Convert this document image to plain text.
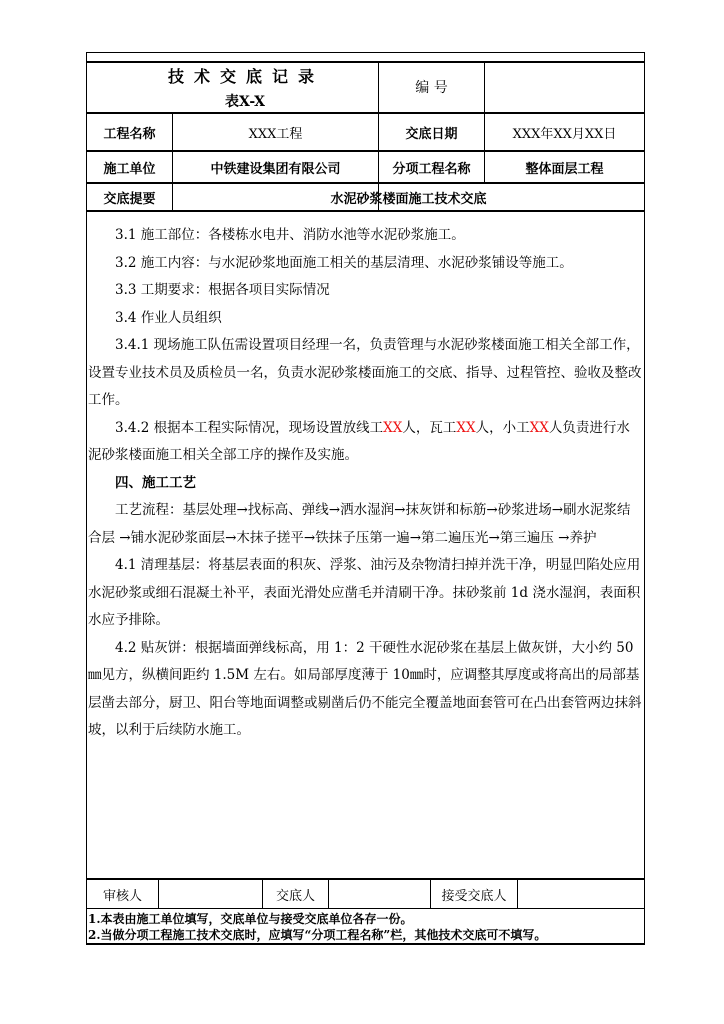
技术交底记录
表X-X
编 号
工程名称	XXX工程	交底日期	XXX年XX月XX日
施工单位	中铁建设集团有限公司	分项工程名称	整体面层工程
交底提要	水泥砂浆楼面施工技术交底

3.1 施工部位：各楼栋水电井、消防水池等水泥砂浆施工。

3.2 施工内容：与水泥砂浆地面施工相关的基层清理、水泥砂浆铺设等施工。

3.3 工期要求：根据各项目实际情况

3.4 作业人员组织

3.4.1 现场施工队伍需设置项目经理一名，负责管理与水泥砂浆楼面施工相关全部工作，设置专业技术员及质检员一名，负责水泥砂浆楼面施工的交底、指导、过程管控、验收及整改工作。

3.4.2 根据本工程实际情况，现场设置放线工XX人，瓦工XX人，小工XX人负责进行水泥砂浆楼面施工相关全部工序的操作及实施。

四、施工工艺

工艺流程：基层处理→找标高、弹线→洒水湿润→抹灰饼和标筋→砂浆进场→刷水泥浆结合层 →铺水泥砂浆面层→木抹子搓平→铁抹子压第一遍→第二遍压光→第三遍压 →养护

4.1 清理基层：将基层表面的积灰、浮浆、油污及杂物清扫掉并洗干净，明显凹陷处应用水泥砂浆或细石混凝土补平，表面光滑处应凿毛并清刷干净。抹砂浆前 1d 浇水湿润，表面积水应予排除。

4.2 贴灰饼：根据墙面弹线标高，用 1：2 干硬性水泥砂浆在基层上做灰饼，大小约 50㎜见方，纵横间距约 1.5M 左右。如局部厚度薄于 10㎜时，应调整其厚度或将高出的局部基层凿去部分，厨卫、阳台等地面调整或剔凿后仍不能完全覆盖地面套管可在凸出套管两边抹斜坡，以利于后续防水施工。

审核人	交底人	接受交底人
1.本表由施工单位填写，交底单位与接受交底单位各存一份。
2.当做分项工程施工技术交底时，应填写“分项工程名称”栏，其他技术交底可不填写。
